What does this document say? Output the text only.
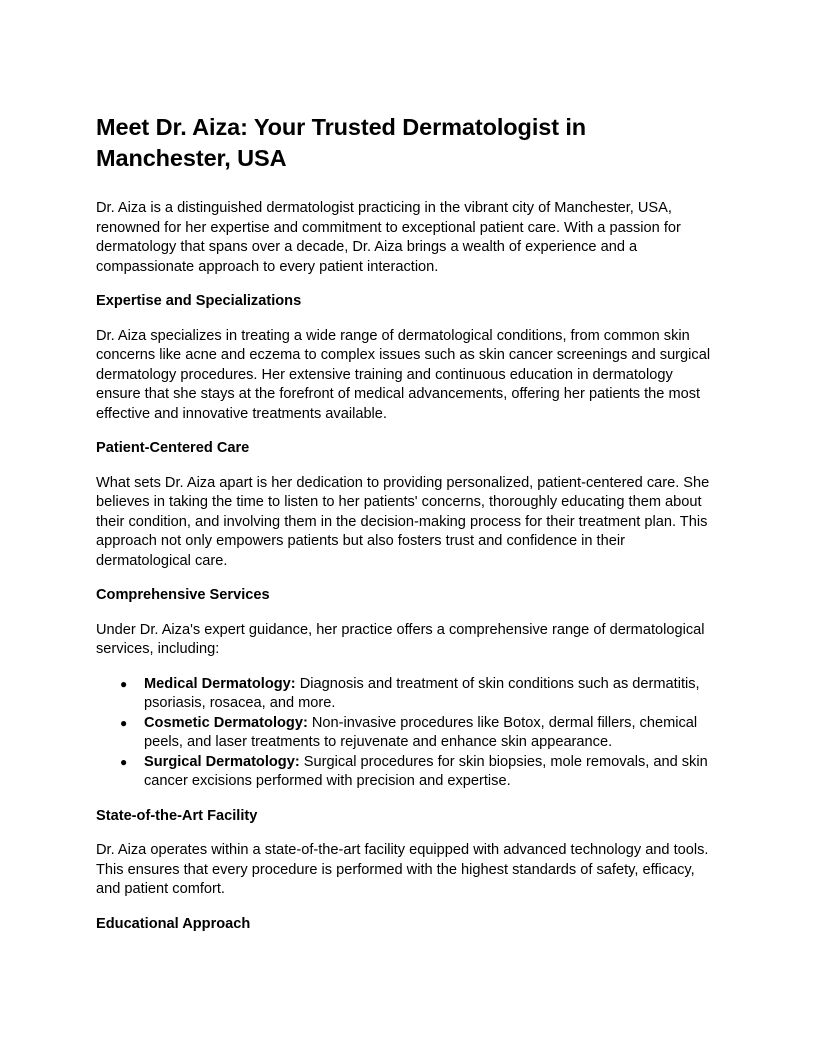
Meet Dr. Aiza: Your Trusted Dermatologist in Manchester, USA

Dr. Aiza is a distinguished dermatologist practicing in the vibrant city of Manchester, USA, renowned for her expertise and commitment to exceptional patient care. With a passion for dermatology that spans over a decade, Dr. Aiza brings a wealth of experience and a compassionate approach to every patient interaction.

Expertise and Specializations

Dr. Aiza specializes in treating a wide range of dermatological conditions, from common skin concerns like acne and eczema to complex issues such as skin cancer screenings and surgical dermatology procedures. Her extensive training and continuous education in dermatology ensure that she stays at the forefront of medical advancements, offering her patients the most effective and innovative treatments available.

Patient-Centered Care

What sets Dr. Aiza apart is her dedication to providing personalized, patient-centered care. She believes in taking the time to listen to her patients' concerns, thoroughly educating them about their condition, and involving them in the decision-making process for their treatment plan. This approach not only empowers patients but also fosters trust and confidence in their dermatological care.

Comprehensive Services

Under Dr. Aiza's expert guidance, her practice offers a comprehensive range of dermatological services, including:

● Medical Dermatology: Diagnosis and treatment of skin conditions such as dermatitis, psoriasis, rosacea, and more.
● Cosmetic Dermatology: Non-invasive procedures like Botox, dermal fillers, chemical peels, and laser treatments to rejuvenate and enhance skin appearance.
● Surgical Dermatology: Surgical procedures for skin biopsies, mole removals, and skin cancer excisions performed with precision and expertise.

State-of-the-Art Facility

Dr. Aiza operates within a state-of-the-art facility equipped with advanced technology and tools. This ensures that every procedure is performed with the highest standards of safety, efficacy, and patient comfort.

Educational Approach
